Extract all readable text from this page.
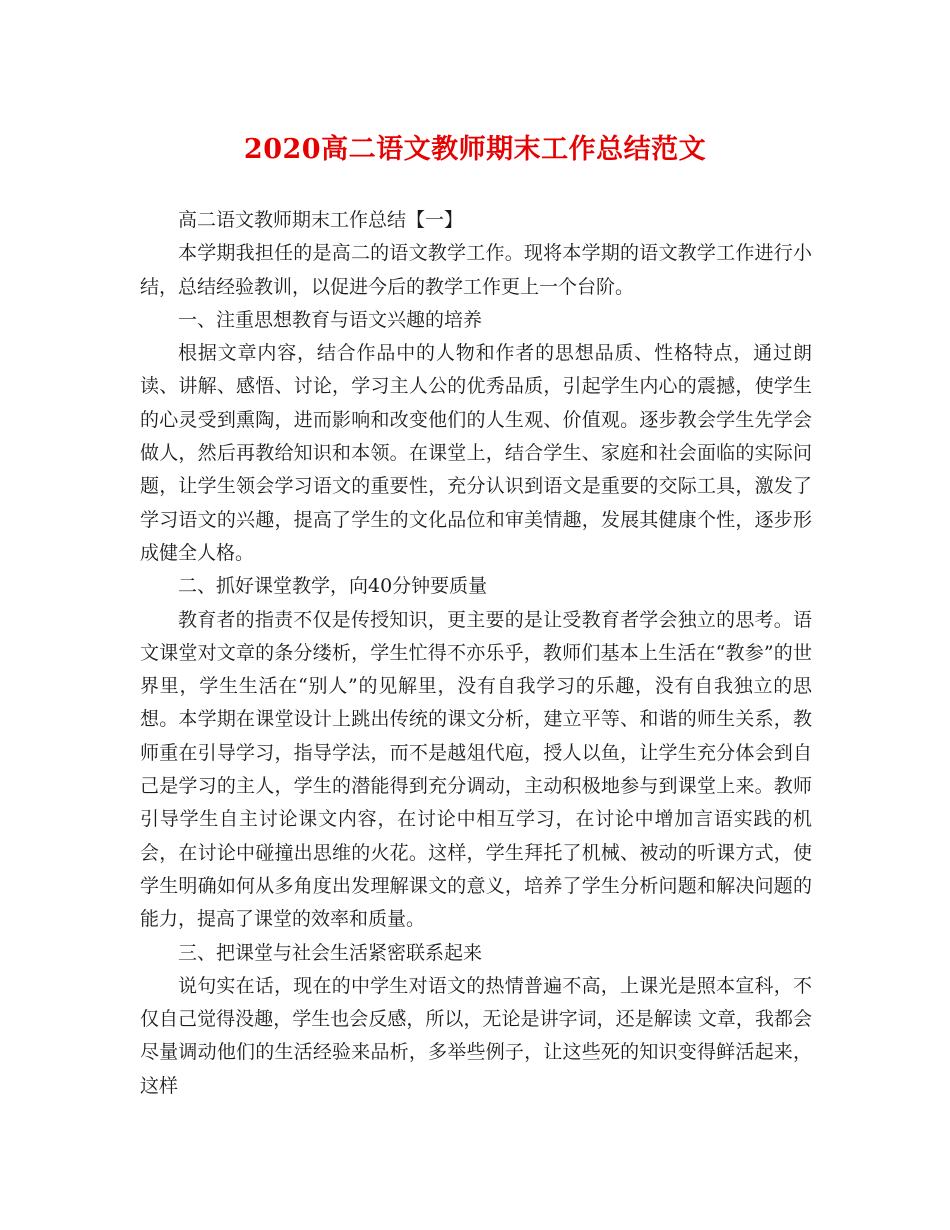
2020高二语文教师期末工作总结范文

高二语文教师期末工作总结【一】

本学期我担任的是高二的语文教学工作。现将本学期的语文教学工作进行小结，总结经验教训，以促进今后的教学工作更上一个台阶。

一、注重思想教育与语文兴趣的培养

根据文章内容，结合作品中的人物和作者的思想品质、性格特点，通过朗读、讲解、感悟、讨论，学习主人公的优秀品质，引起学生内心的震撼，使学生的心灵受到熏陶，进而影响和改变他们的人生观、价值观。逐步教会学生先学会做人，然后再教给知识和本领。在课堂上，结合学生、家庭和社会面临的实际问题，让学生领会学习语文的重要性，充分认识到语文是重要的交际工具，激发了学习语文的兴趣，提高了学生的文化品位和审美情趣，发展其健康个性，逐步形成健全人格。

二、抓好课堂教学，向40分钟要质量

教育者的指责不仅是传授知识，更主要的是让受教育者学会独立的思考。语文课堂对文章的条分缕析，学生忙得不亦乐乎，教师们基本上生活在“教参”的世界里，学生生活在“别人”的见解里，没有自我学习的乐趣，没有自我独立的思想。本学期在课堂设计上跳出传统的课文分析，建立平等、和谐的师生关系，教师重在引导学习，指导学法，而不是越俎代庖，授人以鱼，让学生充分体会到自己是学习的主人，学生的潜能得到充分调动，主动积极地参与到课堂上来。教师引导学生自主讨论课文内容，在讨论中相互学习，在讨论中增加言语实践的机会，在讨论中碰撞出思维的火花。这样，学生拜托了机械、被动的听课方式，使学生明确如何从多角度出发理解课文的意义，培养了学生分析问题和解决问题的能力，提高了课堂的效率和质量。

三、把课堂与社会生活紧密联系起来

说句实在话，现在的中学生对语文的热情普遍不高，上课光是照本宣科，不仅自己觉得没趣，学生也会反感，所以，无论是讲字词，还是解读 文章，我都会尽量调动他们的生活经验来品析，多举些例子，让这些死的知识变得鲜活起来，这样
